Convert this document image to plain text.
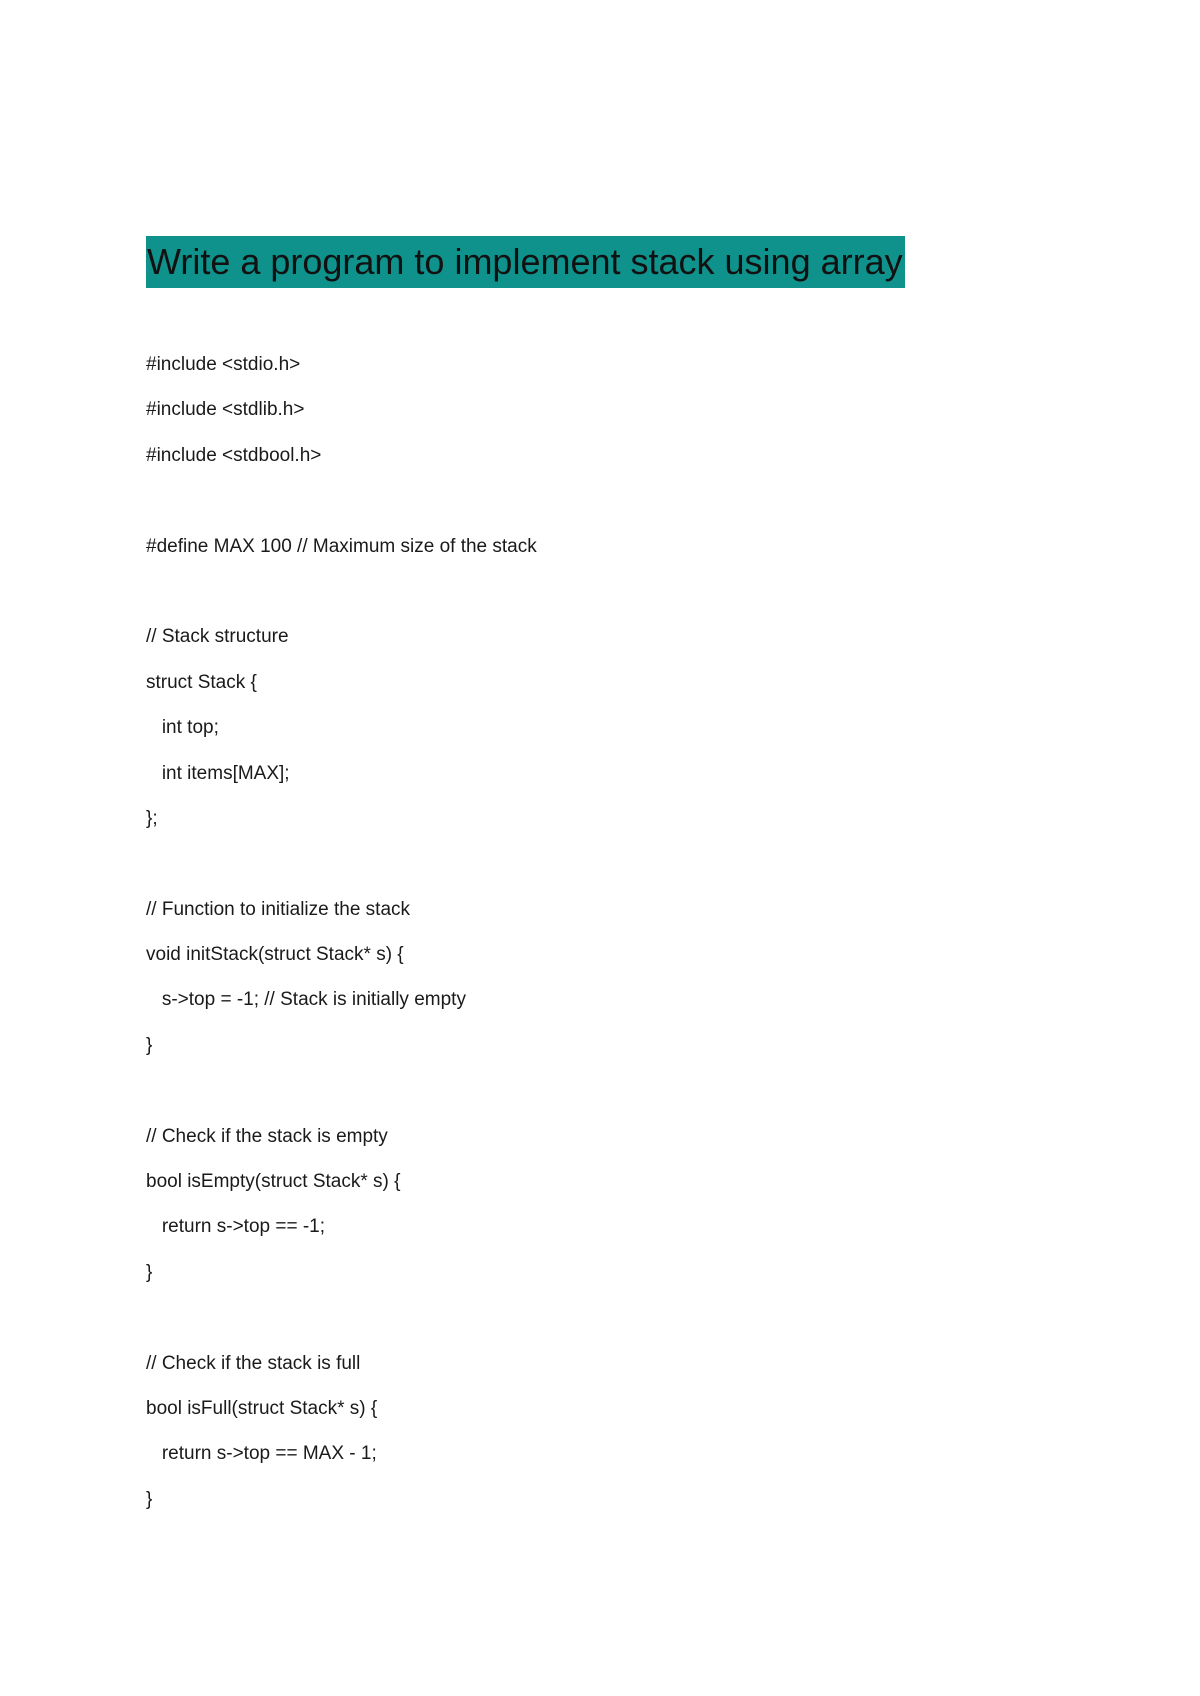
Write a program to implement stack using array
#include <stdio.h>
#include <stdlib.h>
#include <stdbool.h>
#define MAX 100 // Maximum size of the stack
// Stack structure
struct Stack {
int top;
int items[MAX];
};
// Function to initialize the stack
void initStack(struct Stack* s) {
s->top = -1; // Stack is initially empty
}
// Check if the stack is empty
bool isEmpty(struct Stack* s) {
return s->top == -1;
}
// Check if the stack is full
bool isFull(struct Stack* s) {
return s->top == MAX - 1;
}
